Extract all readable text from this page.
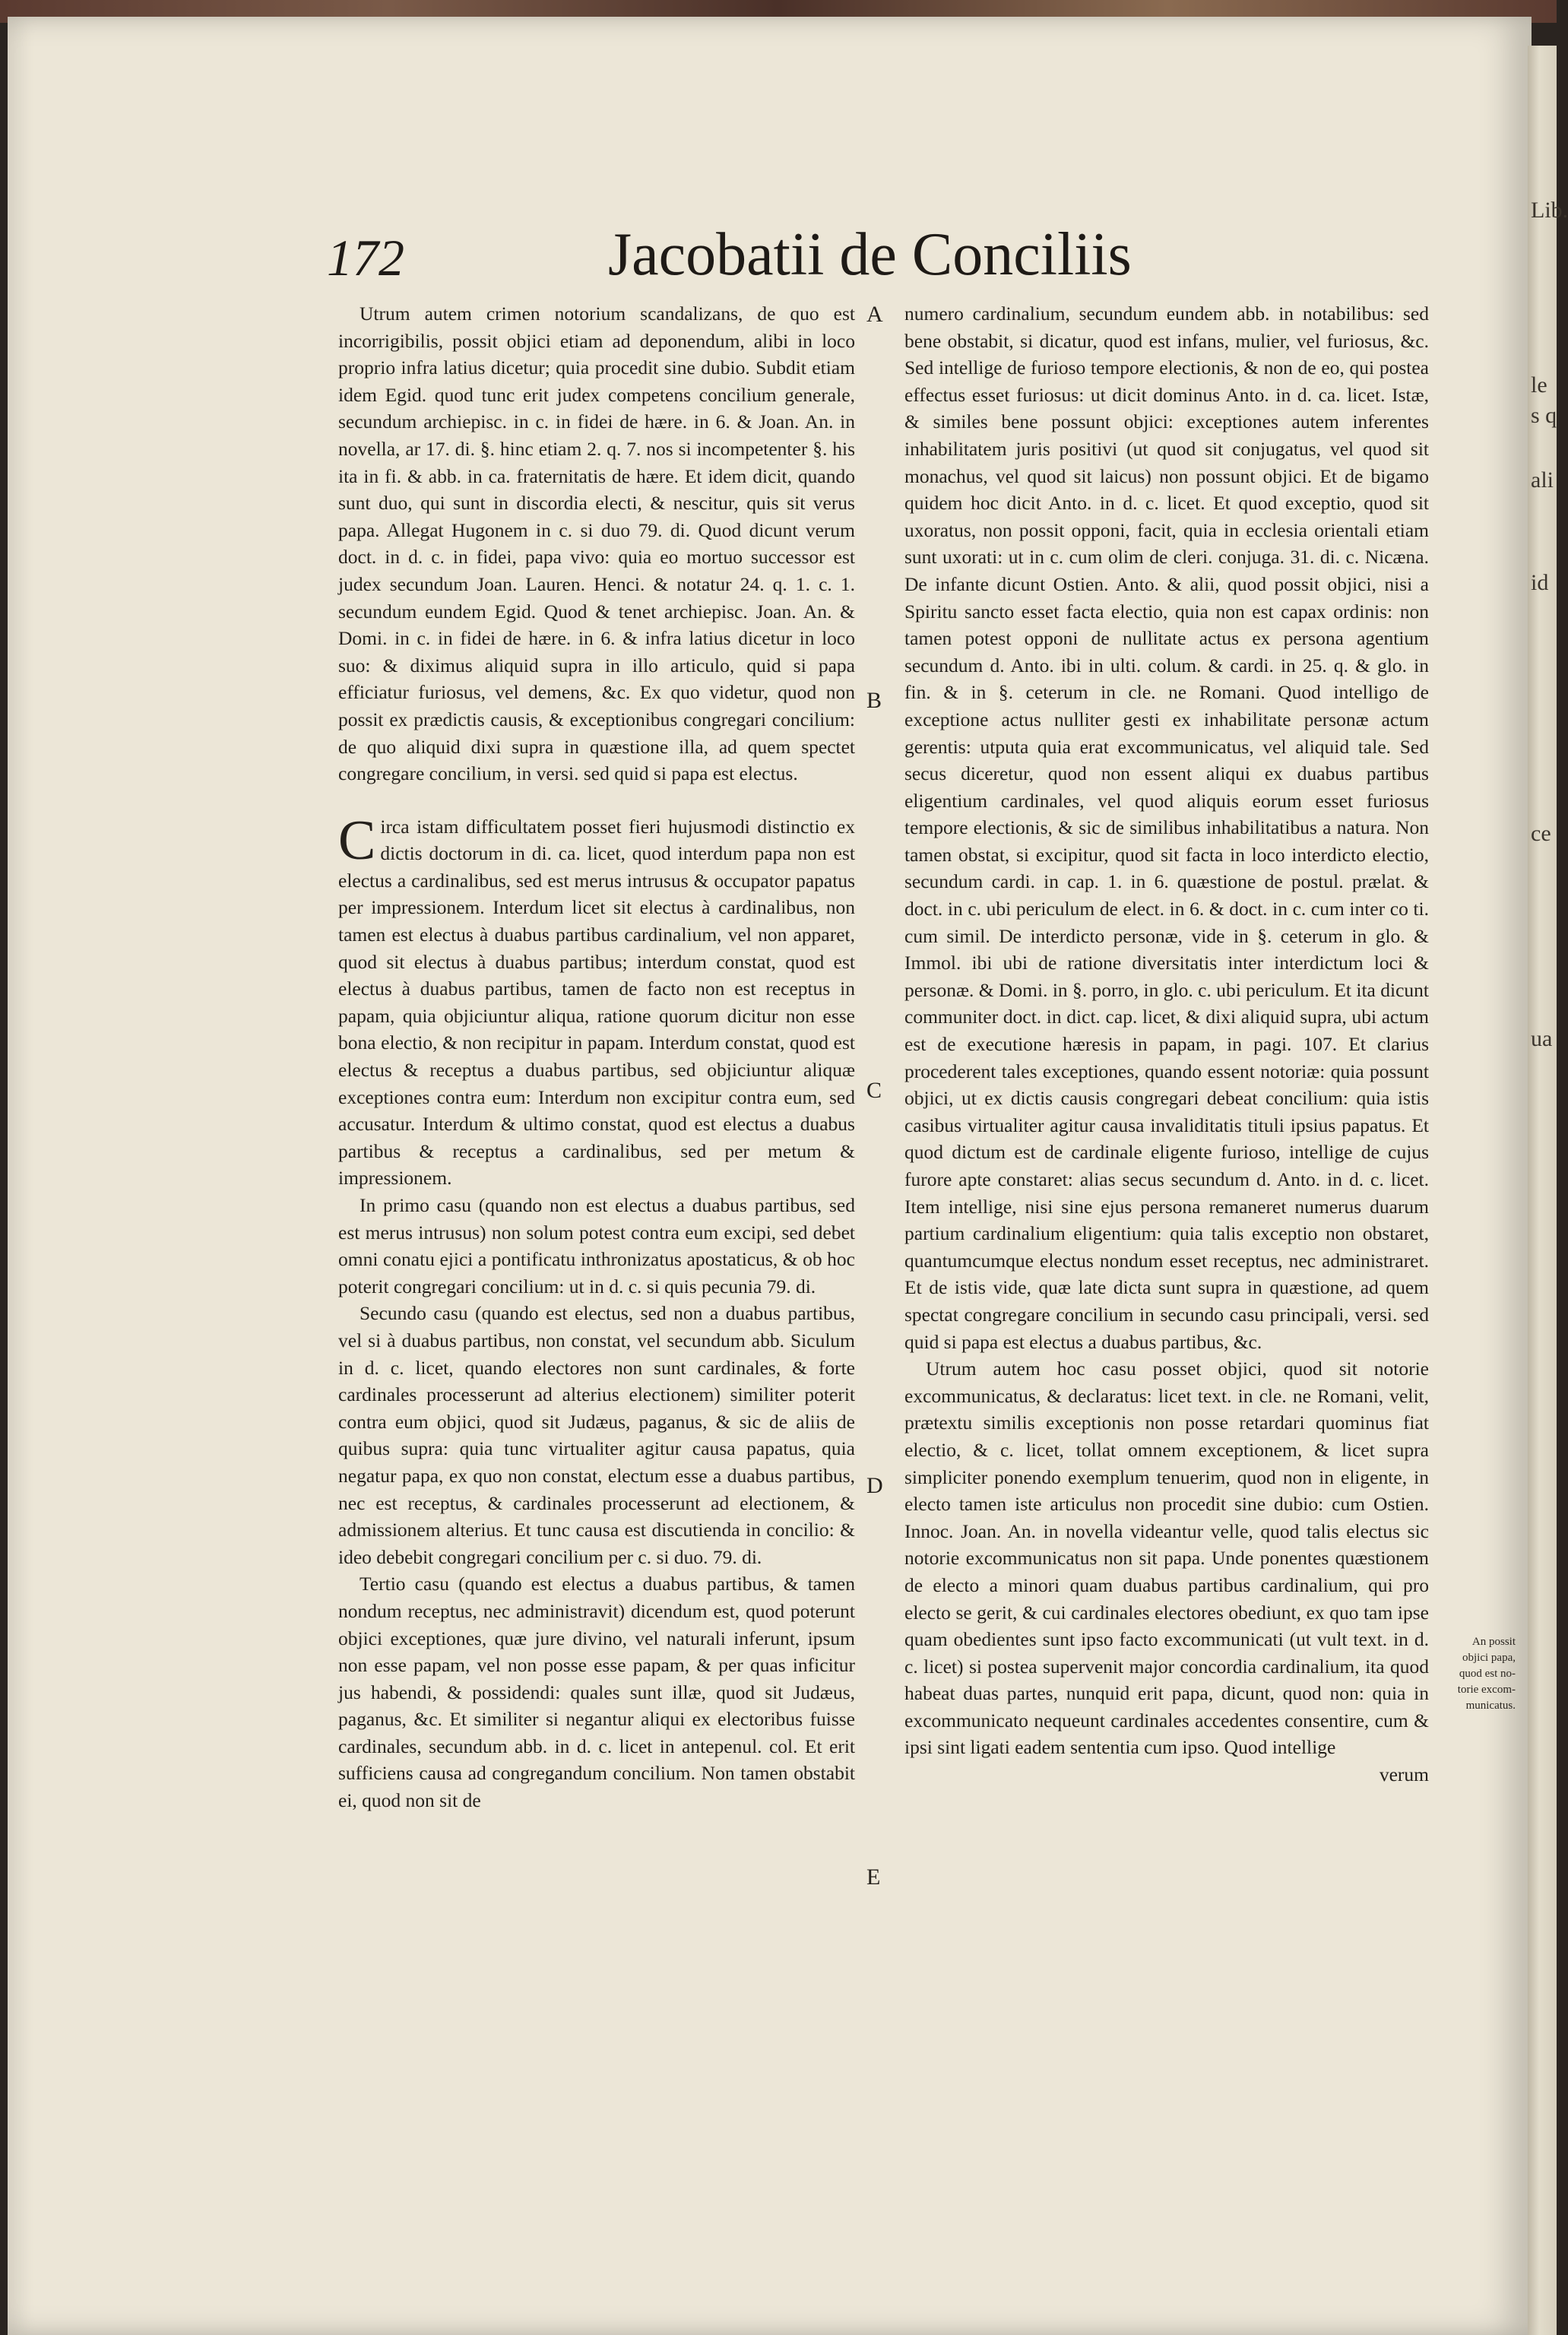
Lib.
le
s q
ali
id
ce
ua
172	Jacobatii de Conciliis

Utrum autem crimen notorium scandalizans, de quo est incorrigibilis, possit objici etiam ad deponendum, alibi in loco proprio infra latius dicetur; quia procedit sine dubio. Subdit etiam idem Egid. quod tunc erit judex competens concilium generale, secundum archiepisc. in c. in fidei de hære. in 6. & Joan. An. in novella, ar 17. di. §. hinc etiam 2. q. 7. nos si incompetenter §. his ita in fi. & abb. in ca. fraternitatis de hære. Et idem dicit, quando sunt duo, qui sunt in discordia electi, & nescitur, quis sit verus papa. Allegat Hugonem in c. si duo 79. di. Quod dicunt verum doct. in d. c. in fidei, papa vivo: quia eo mortuo successor est judex secundum Joan. Lauren. Henci. & notatur 24. q. 1. c. 1. secundum eundem Egid. Quod & tenet archiepisc. Joan. An. & Domi. in c. in fidei de hære. in 6. & infra latius dicetur in loco suo: & diximus aliquid supra in illo articulo, quid si papa efficiatur furiosus, vel demens, &c. Ex quo videtur, quod non possit ex prædictis causis, & exceptionibus congregari concilium: de quo aliquid dixi supra in quæstione illa, ad quem spectet congregare concilium, in versi. sed quid si papa est electus.

Circa istam difficultatem posset fieri hujusmodi distinctio ex dictis doctorum in di. ca. licet, quod interdum papa non est electus a cardinalibus, sed est merus intrusus & occupator papatus per impressionem. Interdum licet sit electus à cardinalibus, non tamen est electus à duabus partibus cardinalium, vel non apparet, quod sit electus à duabus partibus; interdum constat, quod est electus à duabus partibus, tamen de facto non est receptus in papam, quia objiciuntur aliqua, ratione quorum dicitur non esse bona electio, & non recipitur in papam. Interdum constat, quod est electus & receptus a duabus partibus, sed objiciuntur aliquæ exceptiones contra eum: Interdum non excipitur contra eum, sed accusatur. Interdum & ultimo constat, quod est electus a duabus partibus & receptus a cardinalibus, sed per metum & impressionem.

In primo casu (quando non est electus a duabus partibus, sed est merus intrusus) non solum potest contra eum excipi, sed debet omni conatu ejici a pontificatu inthronizatus apostaticus, & ob hoc poterit congregari concilium: ut in d. c. si quis pecunia 79. di.

Secundo casu (quando est electus, sed non a duabus partibus, vel si à duabus partibus, non constat, vel secundum abb. Siculum in d. c. licet, quando electores non sunt cardinales, & forte cardinales processerunt ad alterius electionem) similiter poterit contra eum objici, quod sit Judæus, paganus, & sic de aliis de quibus supra: quia tunc virtualiter agitur causa papatus, quia negatur papa, ex quo non constat, electum esse a duabus partibus, nec est receptus, & cardinales processerunt ad electionem, & admissionem alterius. Et tunc causa est discutienda in concilio: & ideo debebit congregari concilium per c. si duo. 79. di.

Tertio casu (quando est electus a duabus partibus, & tamen nondum receptus, nec administravit) dicendum est, quod poterunt objici exceptiones, quæ jure divino, vel naturali inferunt, ipsum non esse papam, vel non posse esse papam, & per quas inficitur jus habendi, & possidendi: quales sunt illæ, quod sit Judæus, paganus, &c. Et similiter si negantur aliqui ex electoribus fuisse cardinales, secundum abb. in d. c. licet in antepenul. col. Et erit sufficiens causa ad congregandum concilium. Non tamen obstabit ei, quod non sit de

A
B
C
D
E

numero cardinalium, secundum eundem abb. in notabilibus: sed bene obstabit, si dicatur, quod est infans, mulier, vel furiosus, &c. Sed intellige de furioso tempore electionis, & non de eo, qui postea effectus esset furiosus: ut dicit dominus Anto. in d. ca. licet. Istæ, & similes bene possunt objici: exceptiones autem inferentes inhabilitatem juris positivi (ut quod sit conjugatus, vel quod sit monachus, vel quod sit laicus) non possunt objici. Et de bigamo quidem hoc dicit Anto. in d. c. licet. Et quod exceptio, quod sit uxoratus, non possit opponi, facit, quia in ecclesia orientali etiam sunt uxorati: ut in c. cum olim de cleri. conjuga. 31. di. c. Nicæna. De infante dicunt Ostien. Anto. & alii, quod possit objici, nisi a Spiritu sancto esset facta electio, quia non est capax ordinis: non tamen potest opponi de nullitate actus ex persona agentium secundum d. Anto. ibi in ulti. colum. & cardi. in 25. q. & glo. in fin. & in §. ceterum in cle. ne Romani. Quod intelligo de exceptione actus nulliter gesti ex inhabilitate personæ actum gerentis: utputa quia erat excommunicatus, vel aliquid tale. Sed secus diceretur, quod non essent aliqui ex duabus partibus eligentium cardinales, vel quod aliquis eorum esset furiosus tempore electionis, & sic de similibus inhabilitatibus a natura. Non tamen obstat, si excipitur, quod sit facta in loco interdicto electio, secundum cardi. in cap. 1. in 6. quæstione de postul. prælat. & doct. in c. ubi periculum de elect. in 6. & doct. in c. cum inter co ti. cum simil. De interdicto personæ, vide in §. ceterum in glo. & Immol. ibi ubi de ratione diversitatis inter interdictum loci & personæ. & Domi. in §. porro, in glo. c. ubi periculum. Et ita dicunt communiter doct. in dict. cap. licet, & dixi aliquid supra, ubi actum est de executione hæresis in papam, in pagi. 107. Et clarius procederent tales exceptiones, quando essent notoriæ: quia possunt objici, ut ex dictis causis congregari debeat concilium: quia istis casibus virtualiter agitur causa invaliditatis tituli ipsius papatus. Et quod dictum est de cardinale eligente furioso, intellige de cujus furore apte constaret: alias secus secundum d. Anto. in d. c. licet. Item intellige, nisi sine ejus persona remaneret numerus duarum partium cardinalium eligentium: quia talis exceptio non obstaret, quantumcumque electus nondum esset receptus, nec administraret. Et de istis vide, quæ late dicta sunt supra in quæstione, ad quem spectat congregare concilium in secundo casu principali, versi. sed quid si papa est electus a duabus partibus, &c.

Utrum autem hoc casu posset objici, quod sit notorie excommunicatus, & declaratus: licet text. in cle. ne Romani, velit, prætextu similis exceptionis non posse retardari quominus fiat electio, & c. licet, tollat omnem exceptionem, & licet supra simpliciter ponendo exemplum tenuerim, quod non in eligente, in electo tamen iste articulus non procedit sine dubio: cum Ostien. Innoc. Joan. An. in novella videantur velle, quod talis electus sic notorie excommunicatus non sit papa. Unde ponentes quæstionem de electo a minori quam duabus partibus cardinalium, qui pro electo se gerit, & cui cardinales electores obediunt, ex quo tam ipse quam obedientes sunt ipso facto excommunicati (ut vult text. in d. c. licet) si postea supervenit major concordia cardinalium, ita quod habeat duas partes, nunquid erit papa, dicunt, quod non: quia in excommunicato nequeunt cardinales accedentes consentire, cum & ipsi sint ligati eadem sententia cum ipso. Quod intellige

verum

An possit
objici papa,
quod est no-
torie excom-
municatus.
